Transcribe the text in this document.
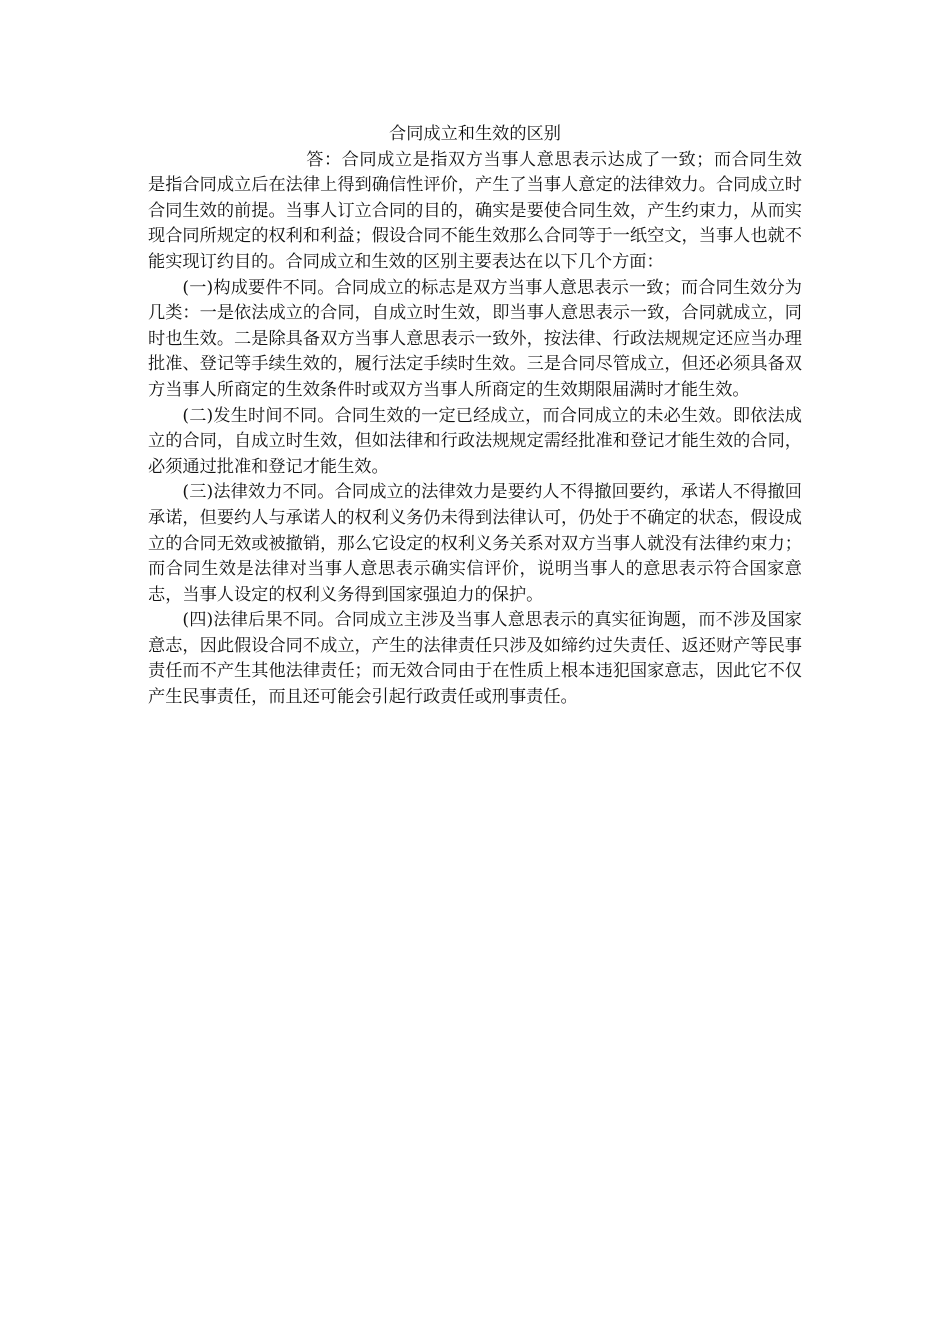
合同成立和生效的区别

答：合同成立是指双方当事人意思表示达成了一致；而合同生效是指合同成立后在法律上得到确信性评价，产生了当事人意定的法律效力。合同成立时合同生效的前提。当事人订立合同的目的，确实是要使合同生效，产生约束力，从而实现合同所规定的权利和利益；假设合同不能生效那么合同等于一纸空文，当事人也就不能实现订约目的。合同成立和生效的区别主要表达在以下几个方面：

(一)构成要件不同。合同成立的标志是双方当事人意思表示一致；而合同生效分为几类：一是依法成立的合同，自成立时生效，即当事人意思表示一致，合同就成立，同时也生效。二是除具备双方当事人意思表示一致外，按法律、行政法规规定还应当办理批准、登记等手续生效的，履行法定手续时生效。三是合同尽管成立，但还必须具备双方当事人所商定的生效条件时或双方当事人所商定的生效期限届满时才能生效。

(二)发生时间不同。合同生效的一定已经成立，而合同成立的未必生效。即依法成立的合同，自成立时生效，但如法律和行政法规规定需经批准和登记才能生效的合同，必须通过批准和登记才能生效。

(三)法律效力不同。合同成立的法律效力是要约人不得撤回要约，承诺人不得撤回承诺，但要约人与承诺人的权利义务仍未得到法律认可，仍处于不确定的状态，假设成立的合同无效或被撤销，那么它设定的权利义务关系对双方当事人就没有法律约束力；而合同生效是法律对当事人意思表示确实信评价，说明当事人的意思表示符合国家意志，当事人设定的权利义务得到国家强迫力的保护。

(四)法律后果不同。合同成立主涉及当事人意思表示的真实征询题，而不涉及国家意志，因此假设合同不成立，产生的法律责任只涉及如缔约过失责任、返还财产等民事责任而不产生其他法律责任；而无效合同由于在性质上根本违犯国家意志，因此它不仅产生民事责任，而且还可能会引起行政责任或刑事责任。
